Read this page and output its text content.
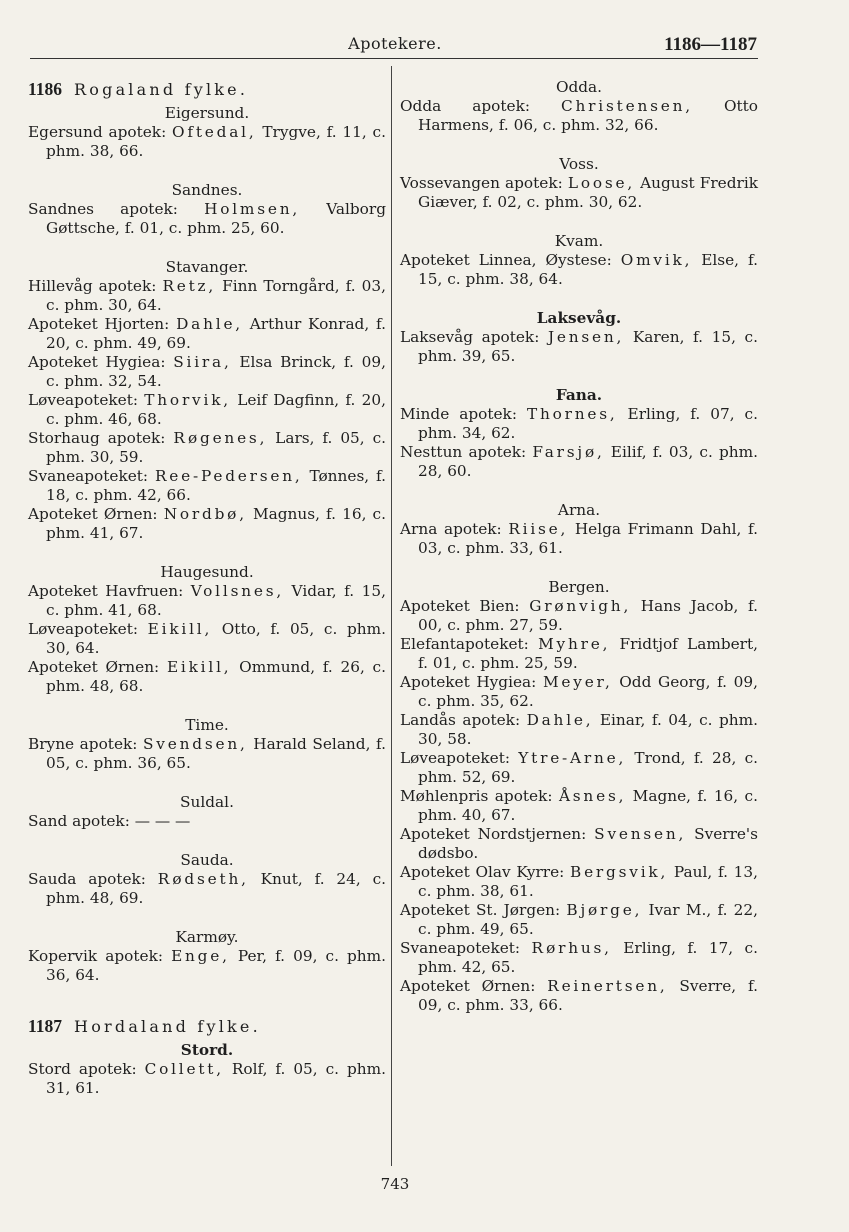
Apotekere.	1186—1187
1186 Rogaland fylke.
Eigersund.

Egersund apotek: Oftedal, Trygve, f. 11, c. phm. 38, 66.

Sandnes.

Sandnes apotek: Holmsen, Valborg Gøttsche, f. 01, c. phm. 25, 60.

Stavanger.

Hillevåg apotek: Retz, Finn Torngård, f. 03, c. phm. 30, 64.

Apoteket Hjorten: Dahle, Arthur Konrad, f. 20, c. phm. 49, 69.

Apoteket Hygiea: Siira, Elsa Brinck, f. 09, c. phm. 32, 54.

Løveapoteket: Thorvik, Leif Dagfinn, f. 20, c. phm. 46, 68.

Storhaug apotek: Røgenes, Lars, f. 05, c. phm. 30, 59.

Svaneapoteket: Ree-Pedersen, Tønnes, f. 18, c. phm. 42, 66.

Apoteket Ørnen: Nordbø, Magnus, f. 16, c. phm. 41, 67.

Haugesund.

Apoteket Havfruen: Vollsnes, Vidar, f. 15, c. phm. 41, 68.

Løveapoteket: Eikill, Otto, f. 05, c. phm. 30, 64.

Apoteket Ørnen: Eikill, Ommund, f. 26, c. phm. 48, 68.

Time.

Bryne apotek: Svendsen, Harald Seland, f. 05, c. phm. 36, 65.

Suldal.

Sand apotek: — — —

Sauda.

Sauda apotek: Rødseth, Knut, f. 24, c. phm. 48, 69.

Karmøy.

Kopervik apotek: Enge, Per, f. 09, c. phm. 36, 64.

1187 Hordaland fylke.
Stord.

Stord apotek: Collett, Rolf, f. 05, c. phm. 31, 61.

Odda.

Odda apotek: Christensen, Otto Harmens, f. 06, c. phm. 32, 66.

Voss.

Vossevangen apotek: Loose, August Fredrik Giæver, f. 02, c. phm. 30, 62.

Kvam.

Apoteket Linnea, Øystese: Omvik, Else, f. 15, c. phm. 38, 64.

Laksevåg.

Laksevåg apotek: Jensen, Karen, f. 15, c. phm. 39, 65.

Fana.

Minde apotek: Thornes, Erling, f. 07, c. phm. 34, 62.

Nesttun apotek: Farsjø, Eilif, f. 03, c. phm. 28, 60.

Arna.

Arna apotek: Riise, Helga Frimann Dahl, f. 03, c. phm. 33, 61.

Bergen.

Apoteket Bien: Grønvigh, Hans Jacob, f. 00, c. phm. 27, 59.

Elefantapoteket: Myhre, Fridtjof Lambert, f. 01, c. phm. 25, 59.

Apoteket Hygiea: Meyer, Odd Georg, f. 09, c. phm. 35, 62.

Landås apotek: Dahle, Einar, f. 04, c. phm. 30, 58.

Løveapoteket: Ytre-Arne, Trond, f. 28, c. phm. 52, 69.

Møhlenpris apotek: Åsnes, Magne, f. 16, c. phm. 40, 67.

Apoteket Nordstjernen: Svensen, Sverre's dødsbo.

Apoteket Olav Kyrre: Bergsvik, Paul, f. 13, c. phm. 38, 61.

Apoteket St. Jørgen: Bjørge, Ivar M., f. 22, c. phm. 49, 65.

Svaneapoteket: Rørhus, Erling, f. 17, c. phm. 42, 65.

Apoteket Ørnen: Reinertsen, Sverre, f. 09, c. phm. 33, 66.

743
